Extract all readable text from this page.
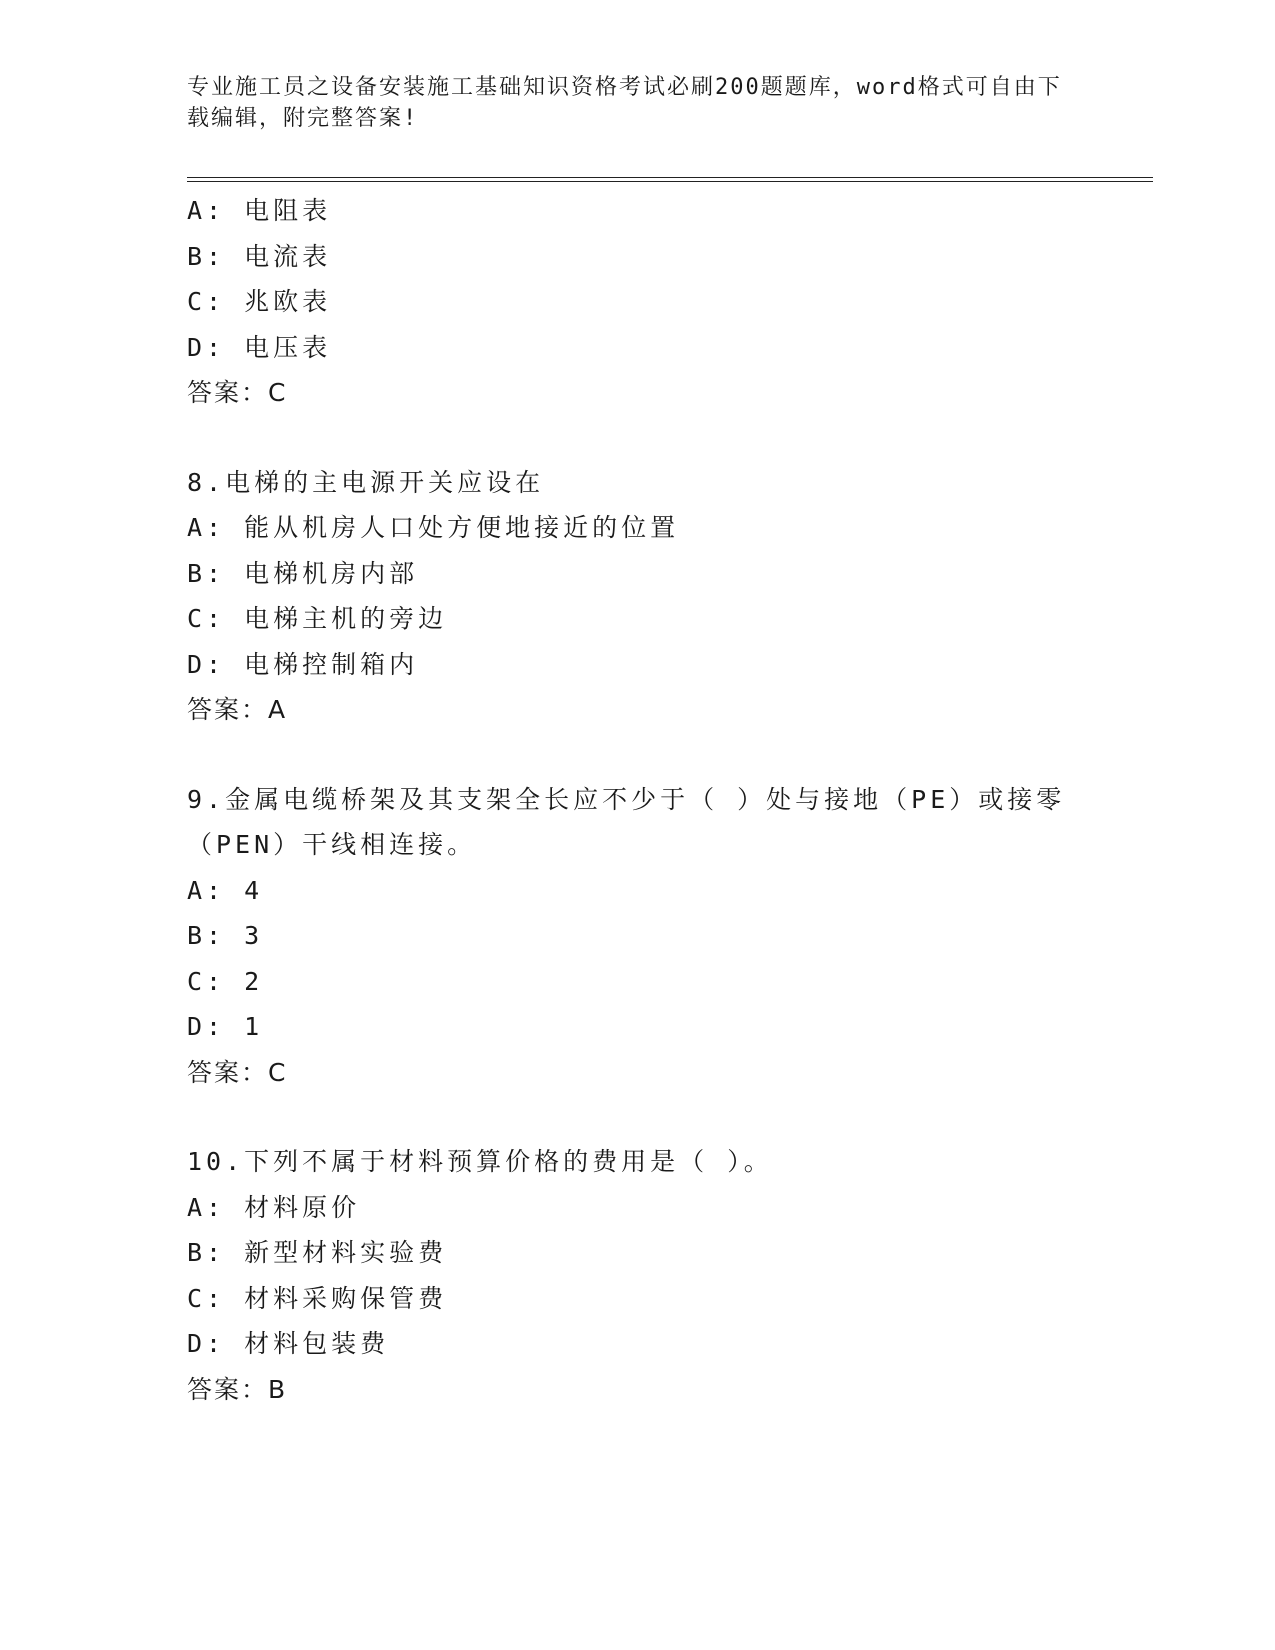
专业施工员之设备安装施工基础知识资格考试必刷200题题库，word格式可自由下载编辑，附完整答案!
A: 电阻表
B: 电流表
C: 兆欧表
D: 电压表
答案：C
8.电梯的主电源开关应设在
A: 能从机房人口处方便地接近的位置
B: 电梯机房内部
C: 电梯主机的旁边
D: 电梯控制箱内
答案：A
9.金属电缆桥架及其支架全长应不少于（ ）处与接地（PE）或接零（PEN）干线相连接。
A: 4
B: 3
C: 2
D: 1
答案：C
10.下列不属于材料预算价格的费用是（ ）。
A: 材料原价
B: 新型材料实验费
C: 材料采购保管费
D: 材料包装费
答案：B
